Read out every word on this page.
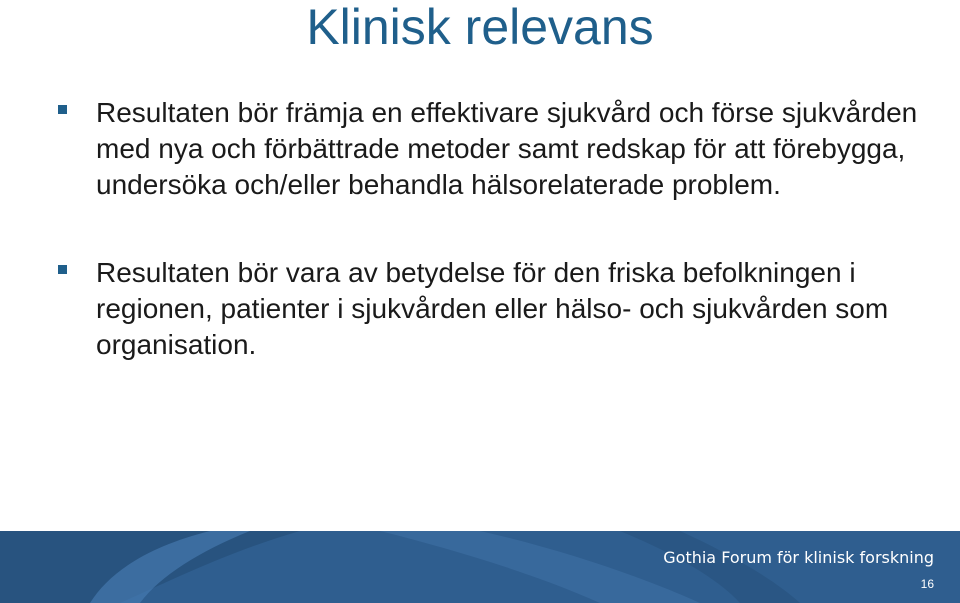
Klinisk relevans
Resultaten bör främja en effektivare sjukvård och förse sjukvården med nya och förbättrade metoder samt redskap för att förebygga, undersöka och/eller behandla hälsorelaterade problem.
Resultaten bör vara av betydelse för den friska befolkningen i regionen, patienter i sjukvården eller hälso- och sjukvården som organisation.
Gothia Forum för klinisk forskning
16
